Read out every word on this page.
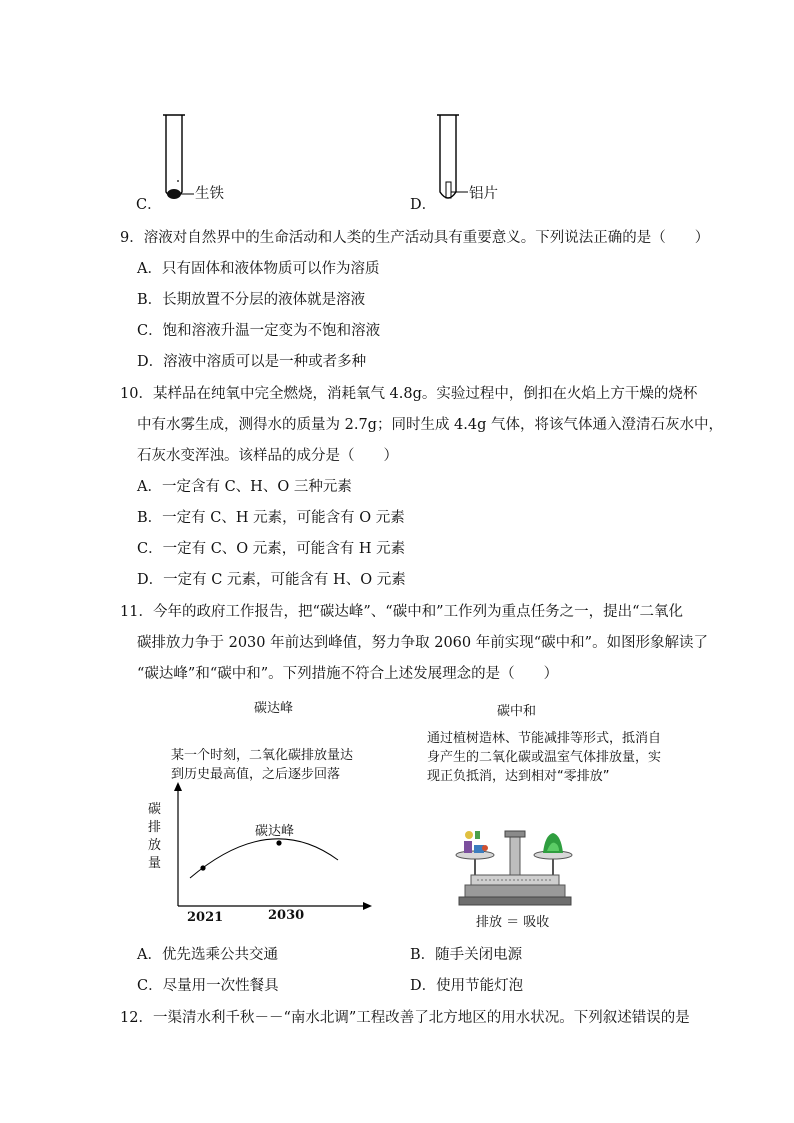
C．
生铁
D．
铝片
9．溶液对自然界中的生命活动和人类的生产活动具有重要意义。下列说法正确的是（　　）
A．只有固体和液体物质可以作为溶质
B．长期放置不分层的液体就是溶液
C．饱和溶液升温一定变为不饱和溶液
D．溶液中溶质可以是一种或者多种
10．某样品在纯氧中完全燃烧，消耗氧气 4.8g。实验过程中，倒扣在火焰上方干燥的烧杯
中有水雾生成，测得水的质量为 2.7g；同时生成 4.4g 气体，将该气体通入澄清石灰水中，
石灰水变浑浊。该样品的成分是（　　）
A．一定含有 C、H、O 三种元素
B．一定有 C、H 元素，可能含有 O 元素
C．一定有 C、O 元素，可能含有 H 元素
D．一定有 C 元素，可能含有 H、O 元素
11．今年的政府工作报告，把“碳达峰”、“碳中和”工作列为重点任务之一，提出“二氧化
碳排放力争于 2030 年前达到峰值，努力争取 2060 年前实现“碳中和”。如图形象解读了
“碳达峰”和“碳中和”。下列措施不符合上述发展理念的是（　　）
碳达峰
某一个时刻，二氧化碳排放量达
到历史最高值，之后逐步回落
碳
排
放
量
碳达峰
2021	2030
碳中和
通过植树造林、节能减排等形式，抵消自
身产生的二氧化碳或温室气体排放量，实
现正负抵消，达到相对“零排放”
排放 ＝ 吸收
A．优先选乘公共交通	B．随手关闭电源
C．尽量用一次性餐具	D．使用节能灯泡
12．一渠清水利千秋－－“南水北调”工程改善了北方地区的用水状况。下列叙述错误的是
